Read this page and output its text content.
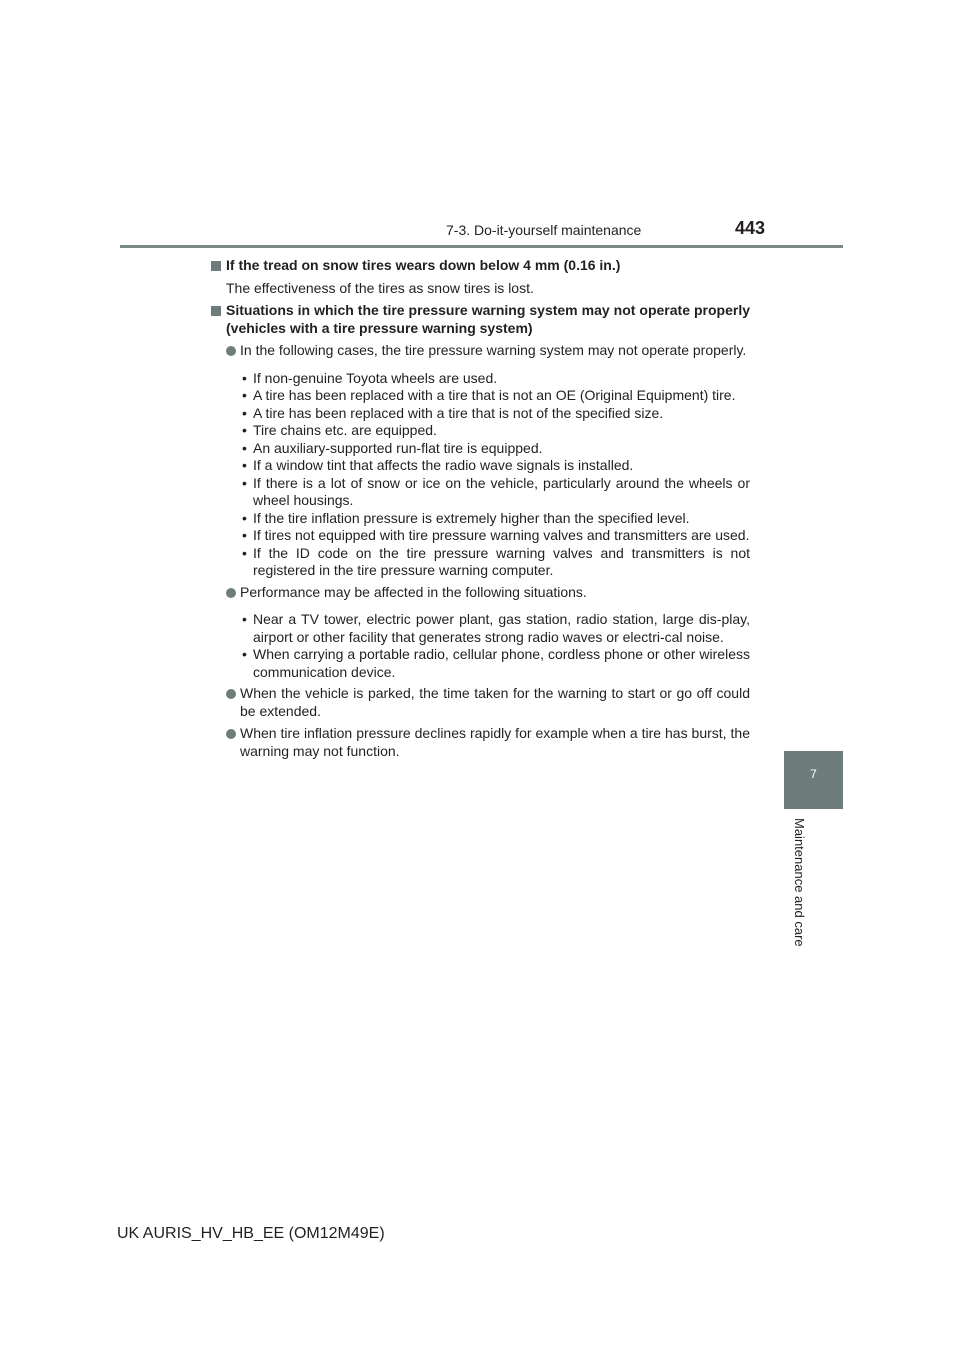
7-3. Do-it-yourself maintenance	443
7
Maintenance and care
If the tread on snow tires wears down below 4 mm (0.16 in.)
The effectiveness of the tires as snow tires is lost.
Situations in which the tire pressure warning system may not operate properly (vehicles with a tire pressure warning system)
In the following cases, the tire pressure warning system may not operate properly.
• If non-genuine Toyota wheels are used.
• A tire has been replaced with a tire that is not an OE (Original Equipment) tire.
• A tire has been replaced with a tire that is not of the specified size.
• Tire chains etc. are equipped.
• An auxiliary-supported run-flat tire is equipped.
• If a window tint that affects the radio wave signals is installed.
• If there is a lot of snow or ice on the vehicle, particularly around the wheels or wheel housings.
• If the tire inflation pressure is extremely higher than the specified level.
• If tires not equipped with tire pressure warning valves and transmitters are used.
• If the ID code on the tire pressure warning valves and transmitters is not registered in the tire pressure warning computer.
Performance may be affected in the following situations.
• Near a TV tower, electric power plant, gas station, radio station, large dis-play, airport or other facility that generates strong radio waves or electri-cal noise.
• When carrying a portable radio, cellular phone, cordless phone or other wireless communication device.
When the vehicle is parked, the time taken for the warning to start or go off could be extended.
When tire inflation pressure declines rapidly for example when a tire has burst, the warning may not function.
UK AURIS_HV_HB_EE (OM12M49E)
